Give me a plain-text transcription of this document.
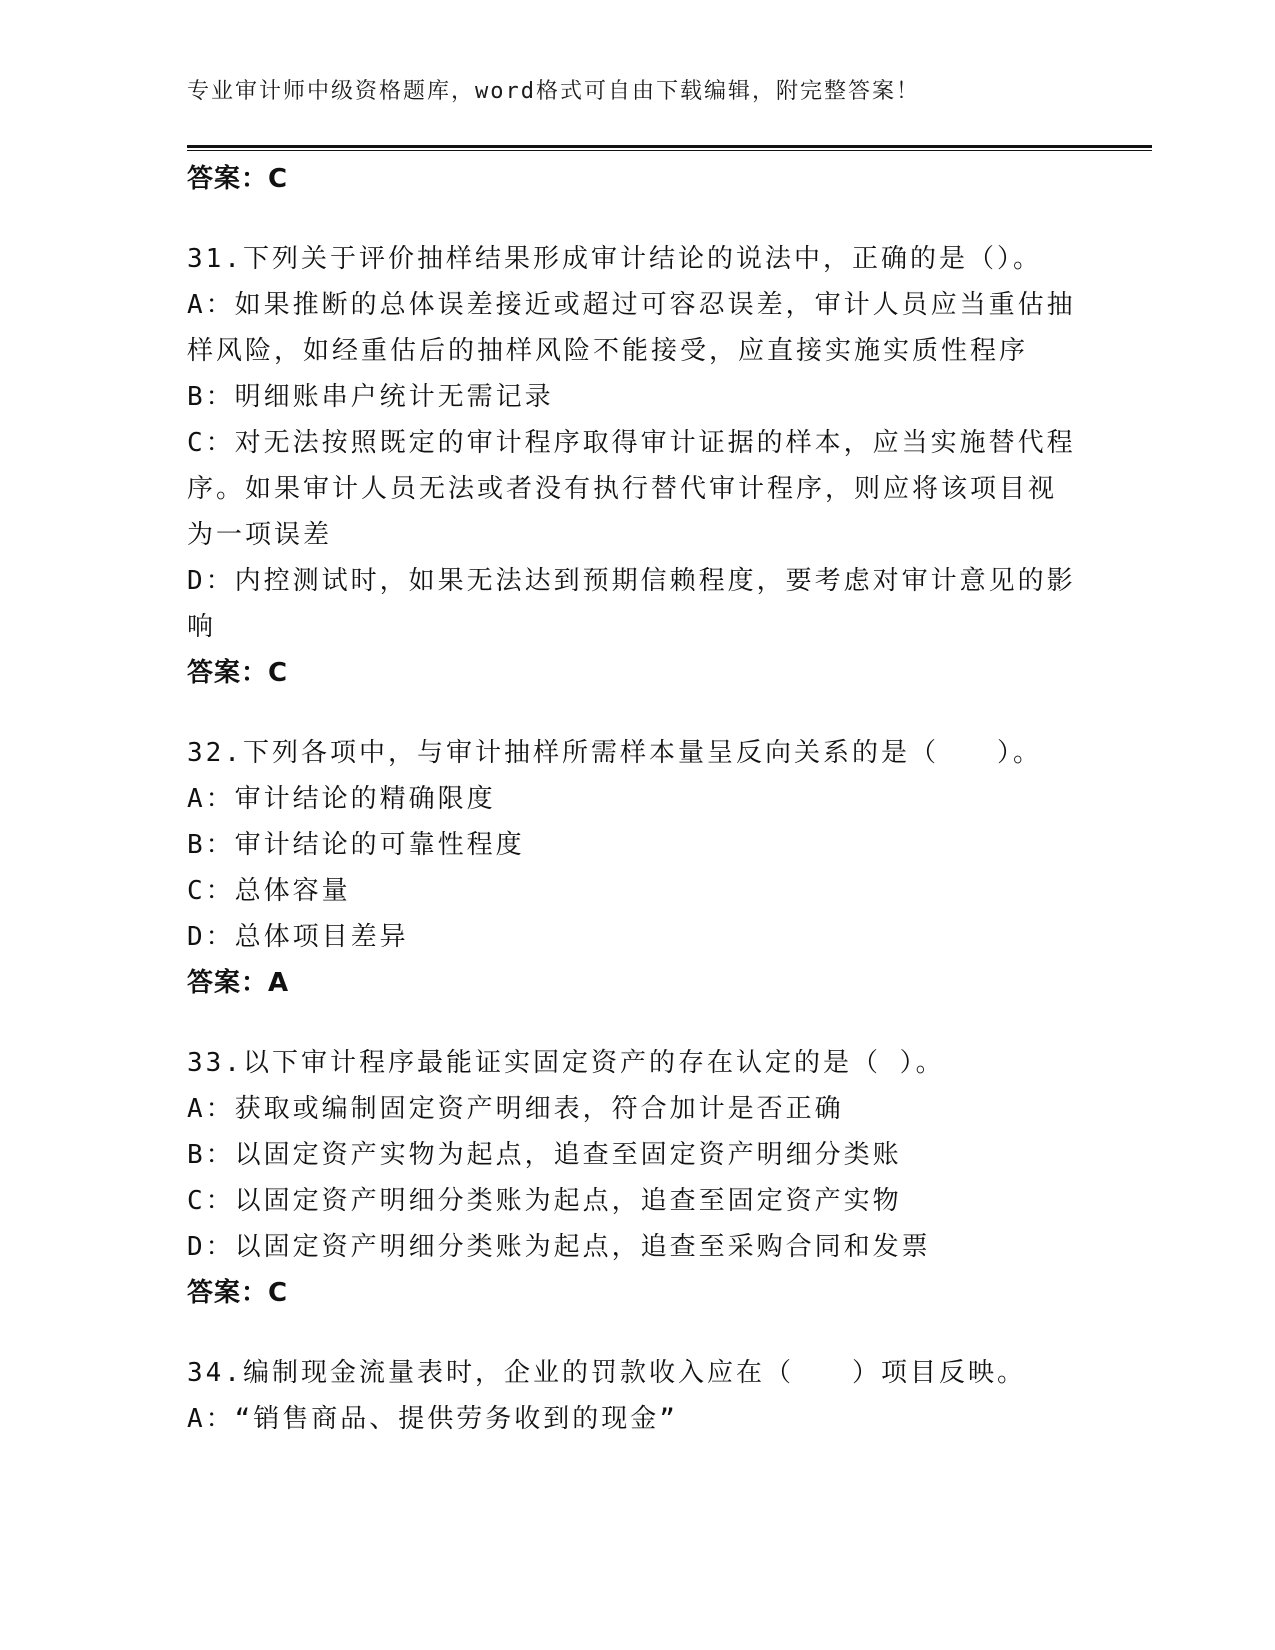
专业审计师中级资格题库，word格式可自由下载编辑，附完整答案！
答案：C
31.下列关于评价抽样结果形成审计结论的说法中，正确的是（）。
A：如果推断的总体误差接近或超过可容忍误差，审计人员应当重估抽
样风险，如经重估后的抽样风险不能接受，应直接实施实质性程序
B：明细账串户统计无需记录
C：对无法按照既定的审计程序取得审计证据的样本，应当实施替代程
序。如果审计人员无法或者没有执行替代审计程序，则应将该项目视
为一项误差
D：内控测试时，如果无法达到预期信赖程度，要考虑对审计意见的影
响
答案：C
32.下列各项中，与审计抽样所需样本量呈反向关系的是（　　）。
A：审计结论的精确限度
B：审计结论的可靠性程度
C：总体容量
D：总体项目差异
答案：A
33.以下审计程序最能证实固定资产的存在认定的是（ ）。
A：获取或编制固定资产明细表，符合加计是否正确
B：以固定资产实物为起点，追查至固定资产明细分类账
C：以固定资产明细分类账为起点，追查至固定资产实物
D：以固定资产明细分类账为起点，追查至采购合同和发票
答案：C
34.编制现金流量表时，企业的罚款收入应在（　　）项目反映。
A：“销售商品、提供劳务收到的现金”
